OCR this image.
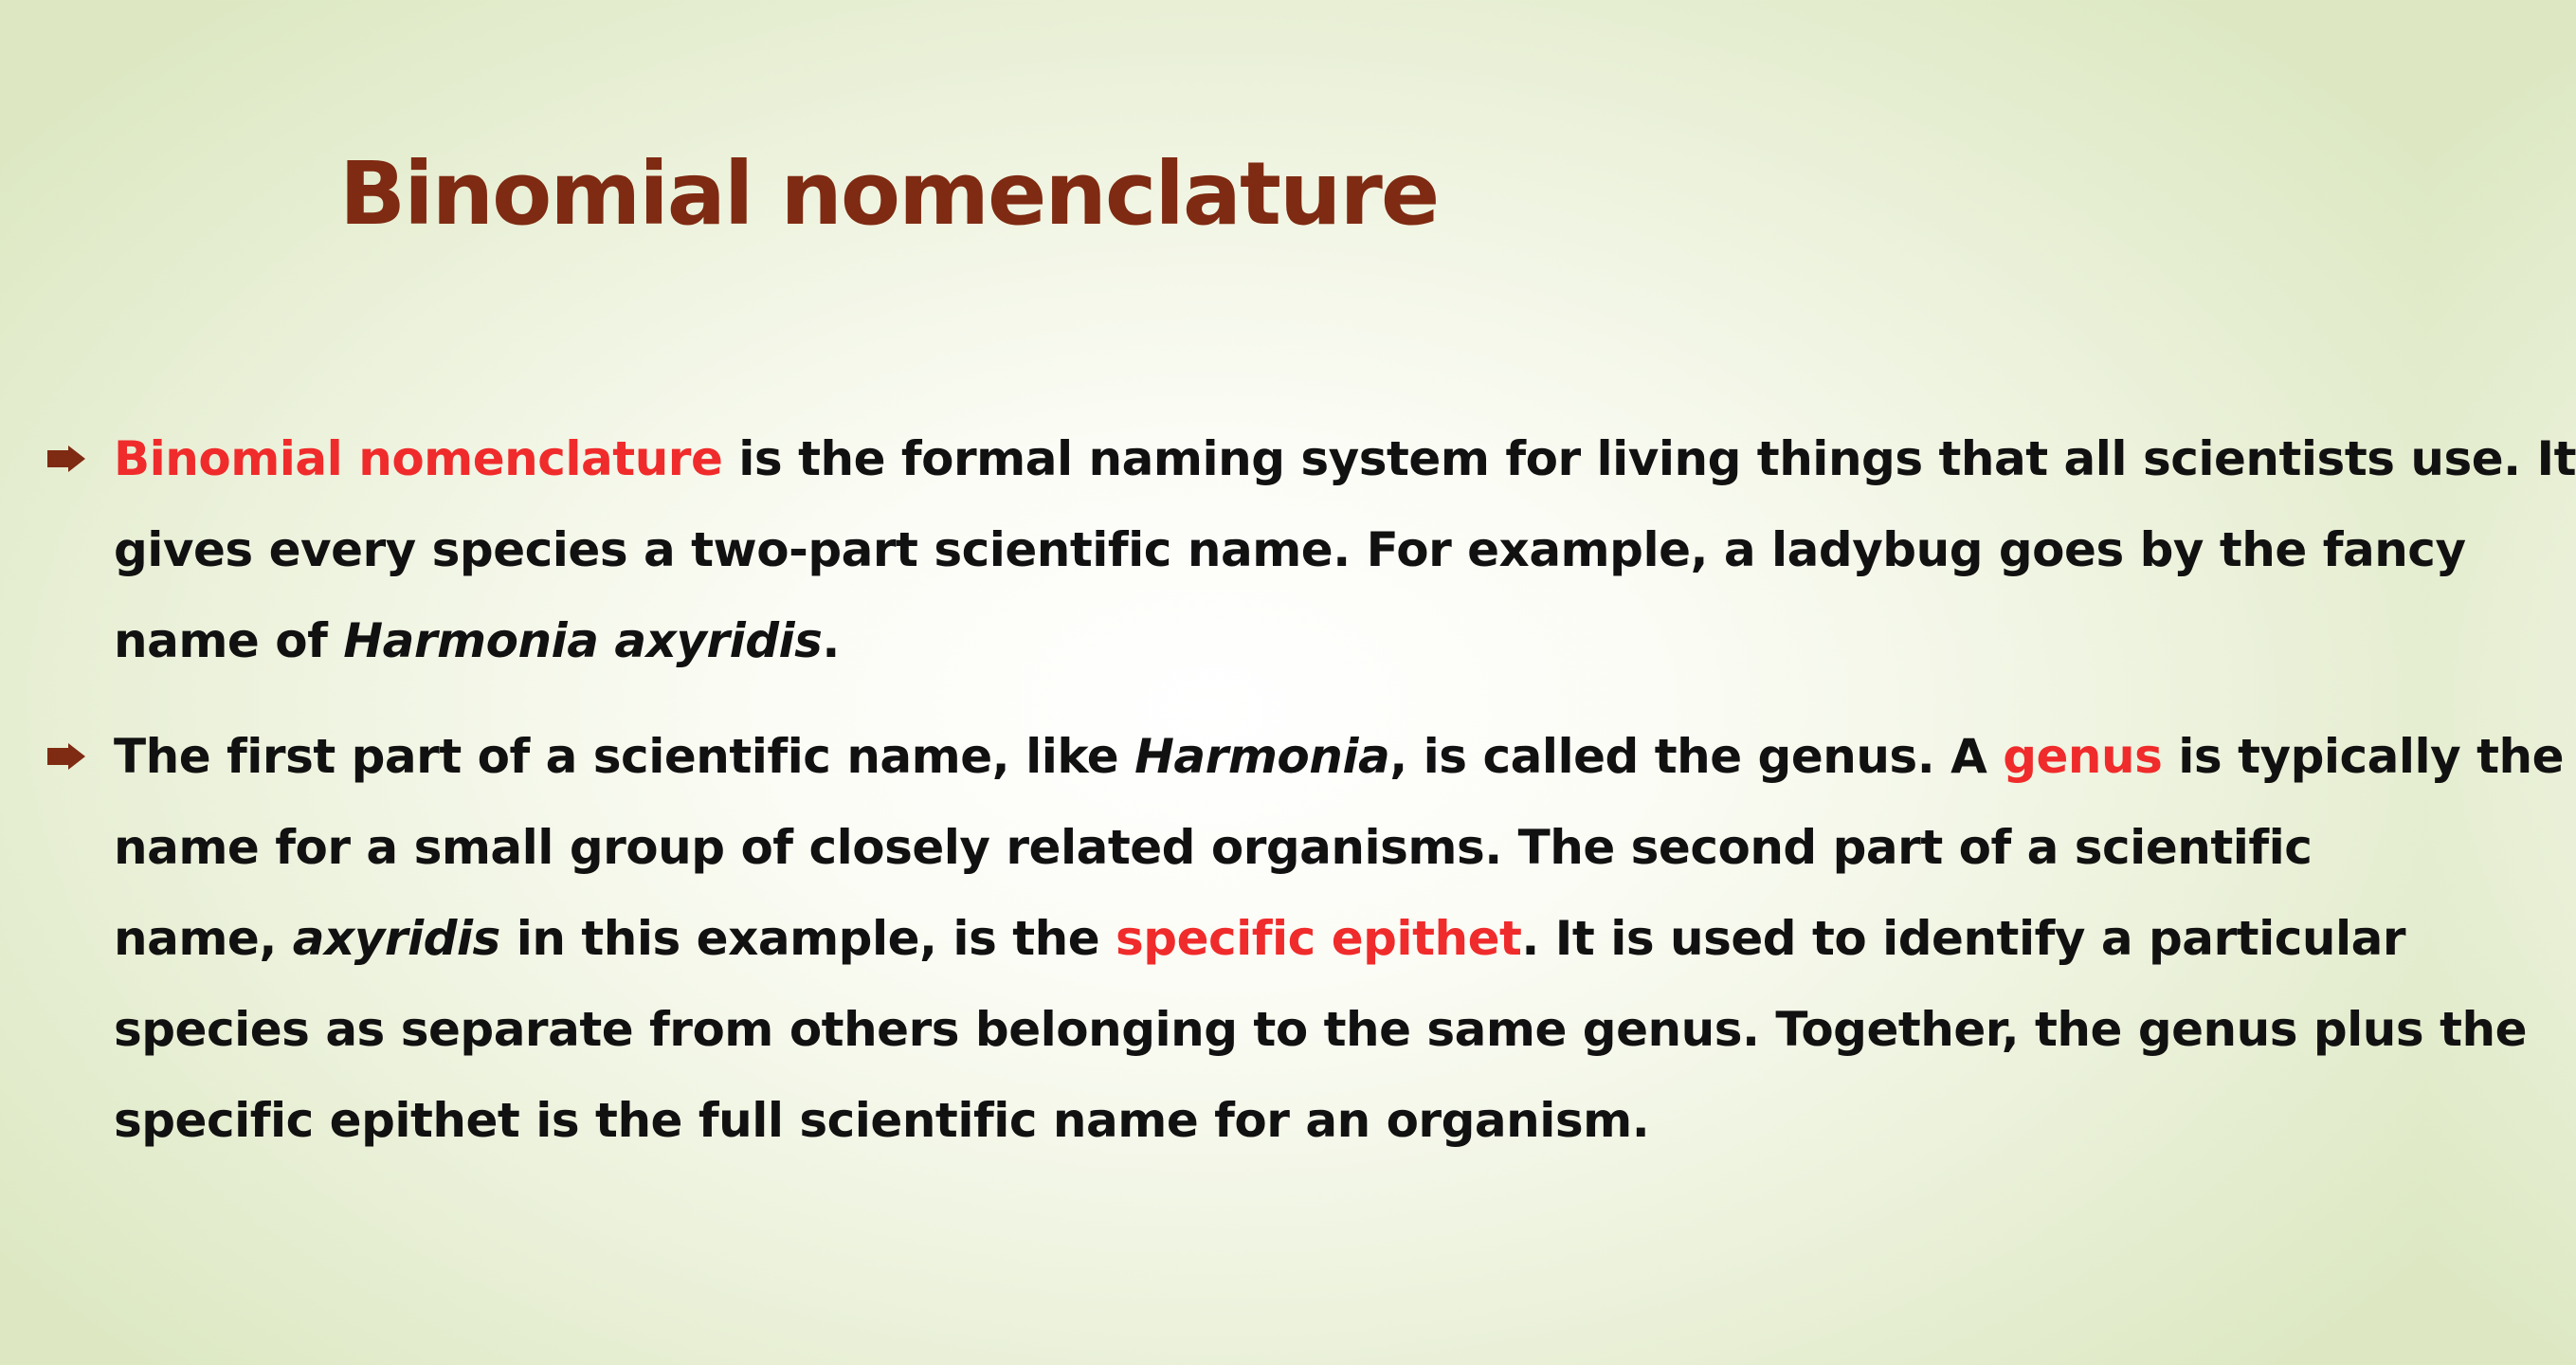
Binomial nomenclature
Binomial nomenclature is the formal naming system for living things that all scientists use. It
gives every species a two-part scientific name. For example, a ladybug goes by the fancy
name of Harmonia axyridis.
The first part of a scientific name, like Harmonia, is called the genus. A genus is typically the
name for a small group of closely related organisms. The second part of a scientific
name, axyridis in this example, is the specific epithet. It is used to identify a particular
species as separate from others belonging to the same genus. Together, the genus plus the
specific epithet is the full scientific name for an organism.
